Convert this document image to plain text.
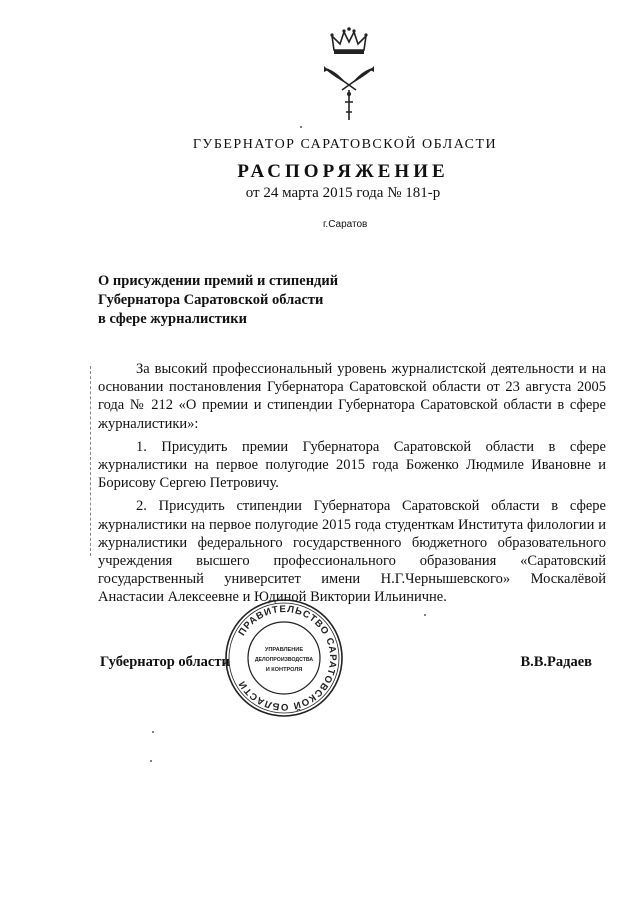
ГУБЕРНАТОР САРАТОВСКОЙ ОБЛАСТИ
РАСПОРЯЖЕНИЕ
от 24 марта 2015 года № 181-р
г.Саратов
О присуждении премий и стипендий
Губернатора Саратовской области
в сфере журналистики

За высокий профессиональный уровень журналистской деятельности и на основании постановления Губернатора Саратовской области от 23 августа 2005 года № 212 «О премии и стипендии Губернатора Саратовской области в сфере журналистики»:

1. Присудить премии Губернатора Саратовской области в сфере журналистики на первое полугодие 2015 года Боженко Людмиле Ивановне и Борисову Сергею Петровичу.

2. Присудить стипендии Губернатора Саратовской области в сфере журналистики на первое полугодие 2015 года студенткам Института филологии и журналистики федерального государственного бюджетного образовательного учреждения высшего профессионального образования «Саратовский государственный университет имени Н.Г.Чернышевского» Москалёвой Анастасии Алексеевне и Юдиной Виктории Ильиничне.

Губернатор области
ПРАВИТЕЛЬСТВО САРАТОВСКОЙ ОБЛАСТИ
УПРАВЛЕНИЕ
ДЕЛОПРОИЗВОДСТВА
И КОНТРОЛЯ	В.В.Радаев
